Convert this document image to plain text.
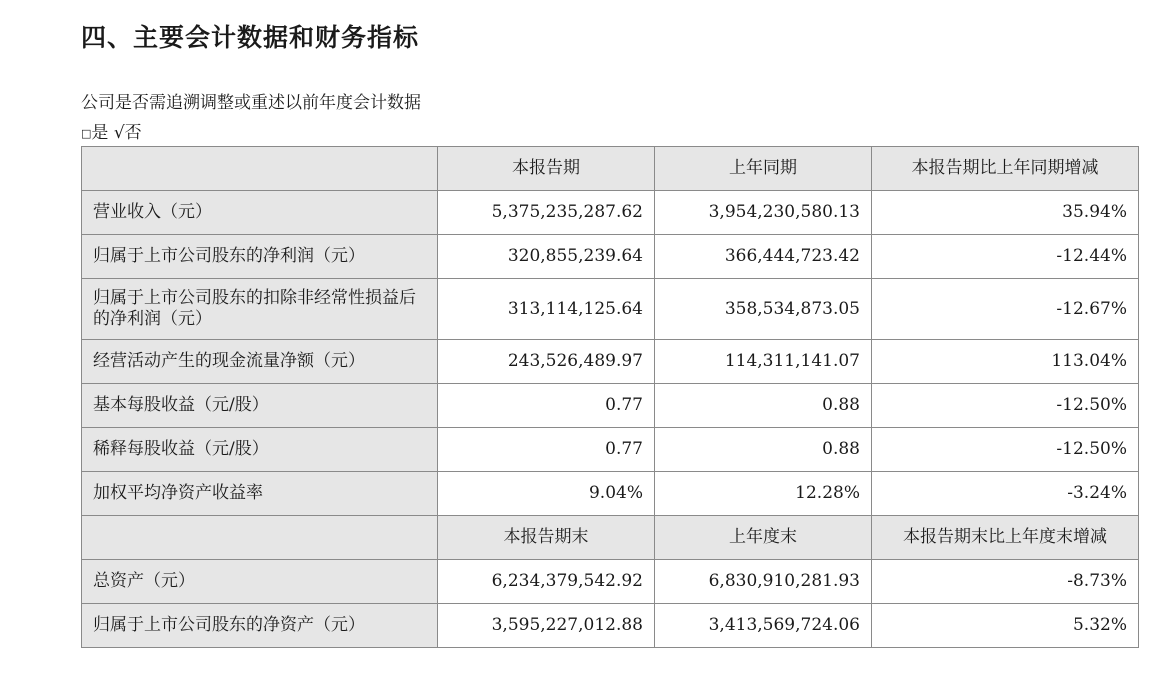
四、主要会计数据和财务指标
公司是否需追溯调整或重述以前年度会计数据
□是 √否
	本报告期	上年同期	本报告期比上年同期增减
营业收入（元）	5,375,235,287.62	3,954,230,580.13	35.94%
归属于上市公司股东的净利润（元）	320,855,239.64	366,444,723.42	-12.44%
归属于上市公司股东的扣除非经常性损益后的净利润（元）	313,114,125.64	358,534,873.05	-12.67%
经营活动产生的现金流量净额（元）	243,526,489.97	114,311,141.07	113.04%
基本每股收益（元/股）	0.77	0.88	-12.50%
稀释每股收益（元/股）	0.77	0.88	-12.50%
加权平均净资产收益率	9.04%	12.28%	-3.24%
	本报告期末	上年度末	本报告期末比上年度末增减
总资产（元）	6,234,379,542.92	6,830,910,281.93	-8.73%
归属于上市公司股东的净资产（元）	3,595,227,012.88	3,413,569,724.06	5.32%
